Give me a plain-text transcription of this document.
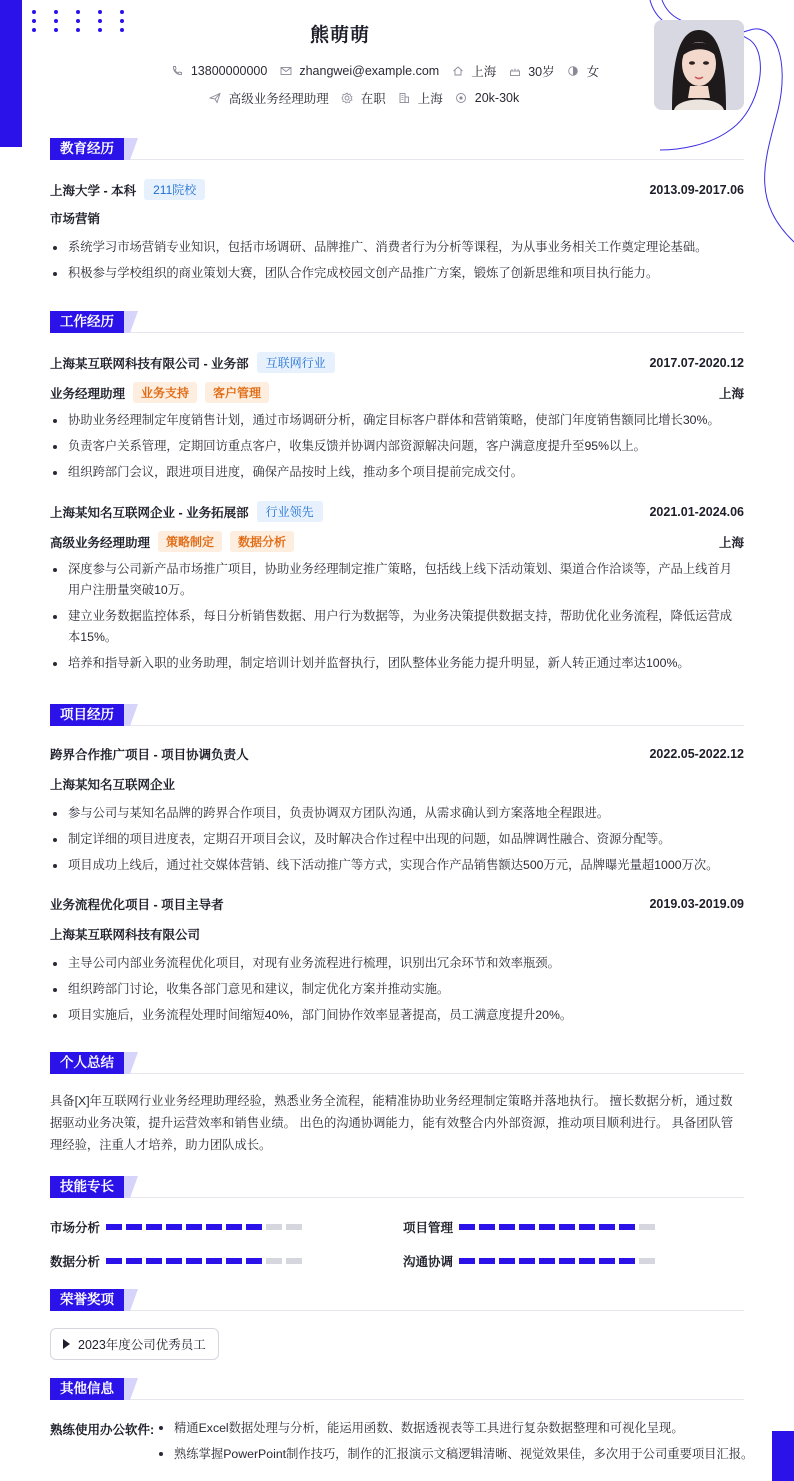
熊萌萌
13800000000	zhangwei@example.com	上海	30岁	女
高级业务经理助理	在职	上海	20k-30k
教育经历
上海大学 - 本科	211院校	2013.09-2017.06
市场营销
系统学习市场营销专业知识，包括市场调研、品牌推广、消费者行为分析等课程，为从事业务相关工作奠定理论基础。
积极参与学校组织的商业策划大赛，团队合作完成校园文创产品推广方案，锻炼了创新思维和项目执行能力。
工作经历
上海某互联网科技有限公司 - 业务部	互联网行业	2017.07-2020.12
业务经理助理	业务支持	客户管理	上海
协助业务经理制定年度销售计划，通过市场调研分析，确定目标客户群体和营销策略，使部门年度销售额同比增长30%。
负责客户关系管理，定期回访重点客户，收集反馈并协调内部资源解决问题，客户满意度提升至95%以上。
组织跨部门会议，跟进项目进度，确保产品按时上线，推动多个项目提前完成交付。
上海某知名互联网企业 - 业务拓展部	行业领先	2021.01-2024.06
高级业务经理助理	策略制定	数据分析	上海
深度参与公司新产品市场推广项目，协助业务经理制定推广策略，包括线上线下活动策划、渠道合作洽谈等，产品上线首月用户注册量突破10万。
建立业务数据监控体系，每日分析销售数据、用户行为数据等，为业务决策提供数据支持，帮助优化业务流程，降低运营成本15%。
培养和指导新入职的业务助理，制定培训计划并监督执行，团队整体业务能力提升明显，新人转正通过率达100%。
项目经历
跨界合作推广项目 - 项目协调负责人	2022.05-2022.12
上海某知名互联网企业
参与公司与某知名品牌的跨界合作项目，负责协调双方团队沟通，从需求确认到方案落地全程跟进。
制定详细的项目进度表，定期召开项目会议，及时解决合作过程中出现的问题，如品牌调性融合、资源分配等。
项目成功上线后，通过社交媒体营销、线下活动推广等方式，实现合作产品销售额达500万元，品牌曝光量超1000万次。
业务流程优化项目 - 项目主导者	2019.03-2019.09
上海某互联网科技有限公司
主导公司内部业务流程优化项目，对现有业务流程进行梳理，识别出冗余环节和效率瓶颈。
组织跨部门讨论，收集各部门意见和建议，制定优化方案并推动实施。
项目实施后，业务流程处理时间缩短40%，部门间协作效率显著提高，员工满意度提升20%。
个人总结

具备[X]年互联网行业业务经理助理经验，熟悉业务全流程，能精准协助业务经理制定策略并落地执行。 擅长数据分析，通过数据驱动业务决策，提升运营效率和销售业绩。 出色的沟通协调能力，能有效整合内外部资源，推动项目顺利进行。 具备团队管理经验，注重人才培养，助力团队成长。

技能专长
市场分析	项目管理
数据分析	沟通协调
荣誉奖项
2023年度公司优秀员工
其他信息
熟练使用办公软件:	精通Excel数据处理与分析，能运用函数、数据透视表等工具进行复杂数据整理和可视化呈现。
熟练掌握PowerPoint制作技巧，制作的汇报演示文稿逻辑清晰、视觉效果佳，多次用于公司重要项目汇报。
